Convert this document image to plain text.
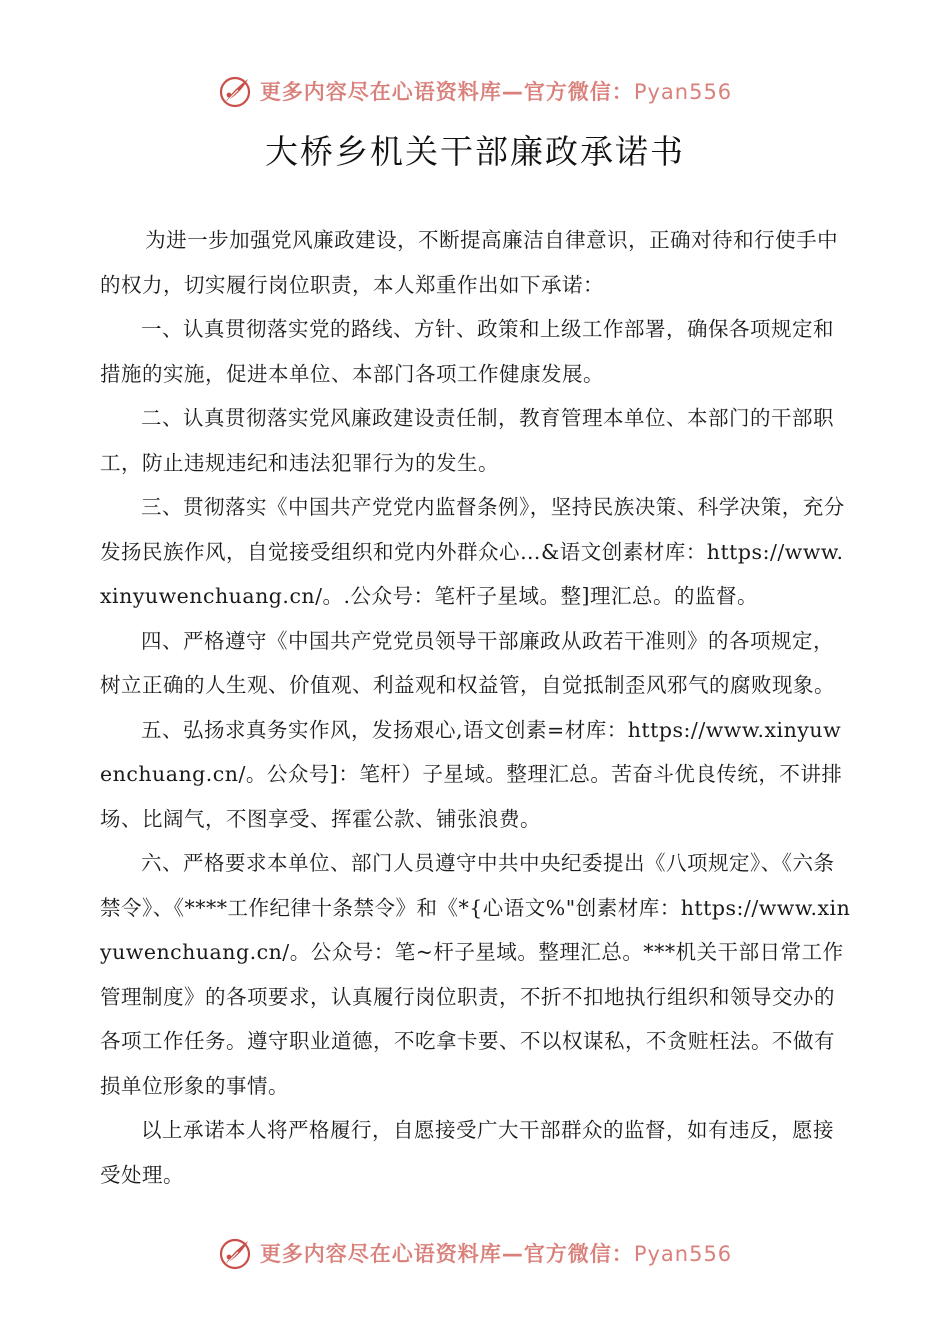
更多内容尽在心语资料库—官方微信：Pyan556
大桥乡机关干部廉政承诺书

为进一步加强党风廉政建设，不断提高廉洁自律意识，正确对待和行使手中的权力，切实履行岗位职责，本人郑重作出如下承诺：

一、认真贯彻落实党的路线、方针、政策和上级工作部署，确保各项规定和措施的实施，促进本单位、本部门各项工作健康发展。

二、认真贯彻落实党风廉政建设责任制，教育管理本单位、本部门的干部职工，防止违规违纪和违法犯罪行为的发生。

三、贯彻落实《中国共产党党内监督条例》，坚持民族决策、科学决策，充分发扬民族作风，自觉接受组织和党内外群众心…&语文创素材库：https://www.xinyuwenchuang.cn/。.公众号：笔杆子星域。整]理汇总。的监督。

四、严格遵守《中国共产党党员领导干部廉政从政若干准则》的各项规定，树立正确的人生观、价值观、利益观和权益管，自觉抵制歪风邪气的腐败现象。

五、弘扬求真务实作风，发扬艰心,语文创素=材库：https://www.xinyuwenchuang.cn/。公众号]：笔杆）子星域。整理汇总。苦奋斗优良传统，不讲排场、比阔气，不图享受、挥霍公款、铺张浪费。

六、严格要求本单位、部门人员遵守中共中央纪委提出《八项规定》、《六条禁令》、《****工作纪律十条禁令》和《*{心语文%"创素材库：https://www.xinyuwenchuang.cn/。公众号：笔~杆子星域。整理汇总。***机关干部日常工作管理制度》的各项要求，认真履行岗位职责，不折不扣地执行组织和领导交办的各项工作任务。遵守职业道德，不吃拿卡要、不以权谋私，不贪赃枉法。不做有损单位形象的事情。

以上承诺本人将严格履行，自愿接受广大干部群众的监督，如有违反，愿接受处理。

更多内容尽在心语资料库—官方微信：Pyan556
